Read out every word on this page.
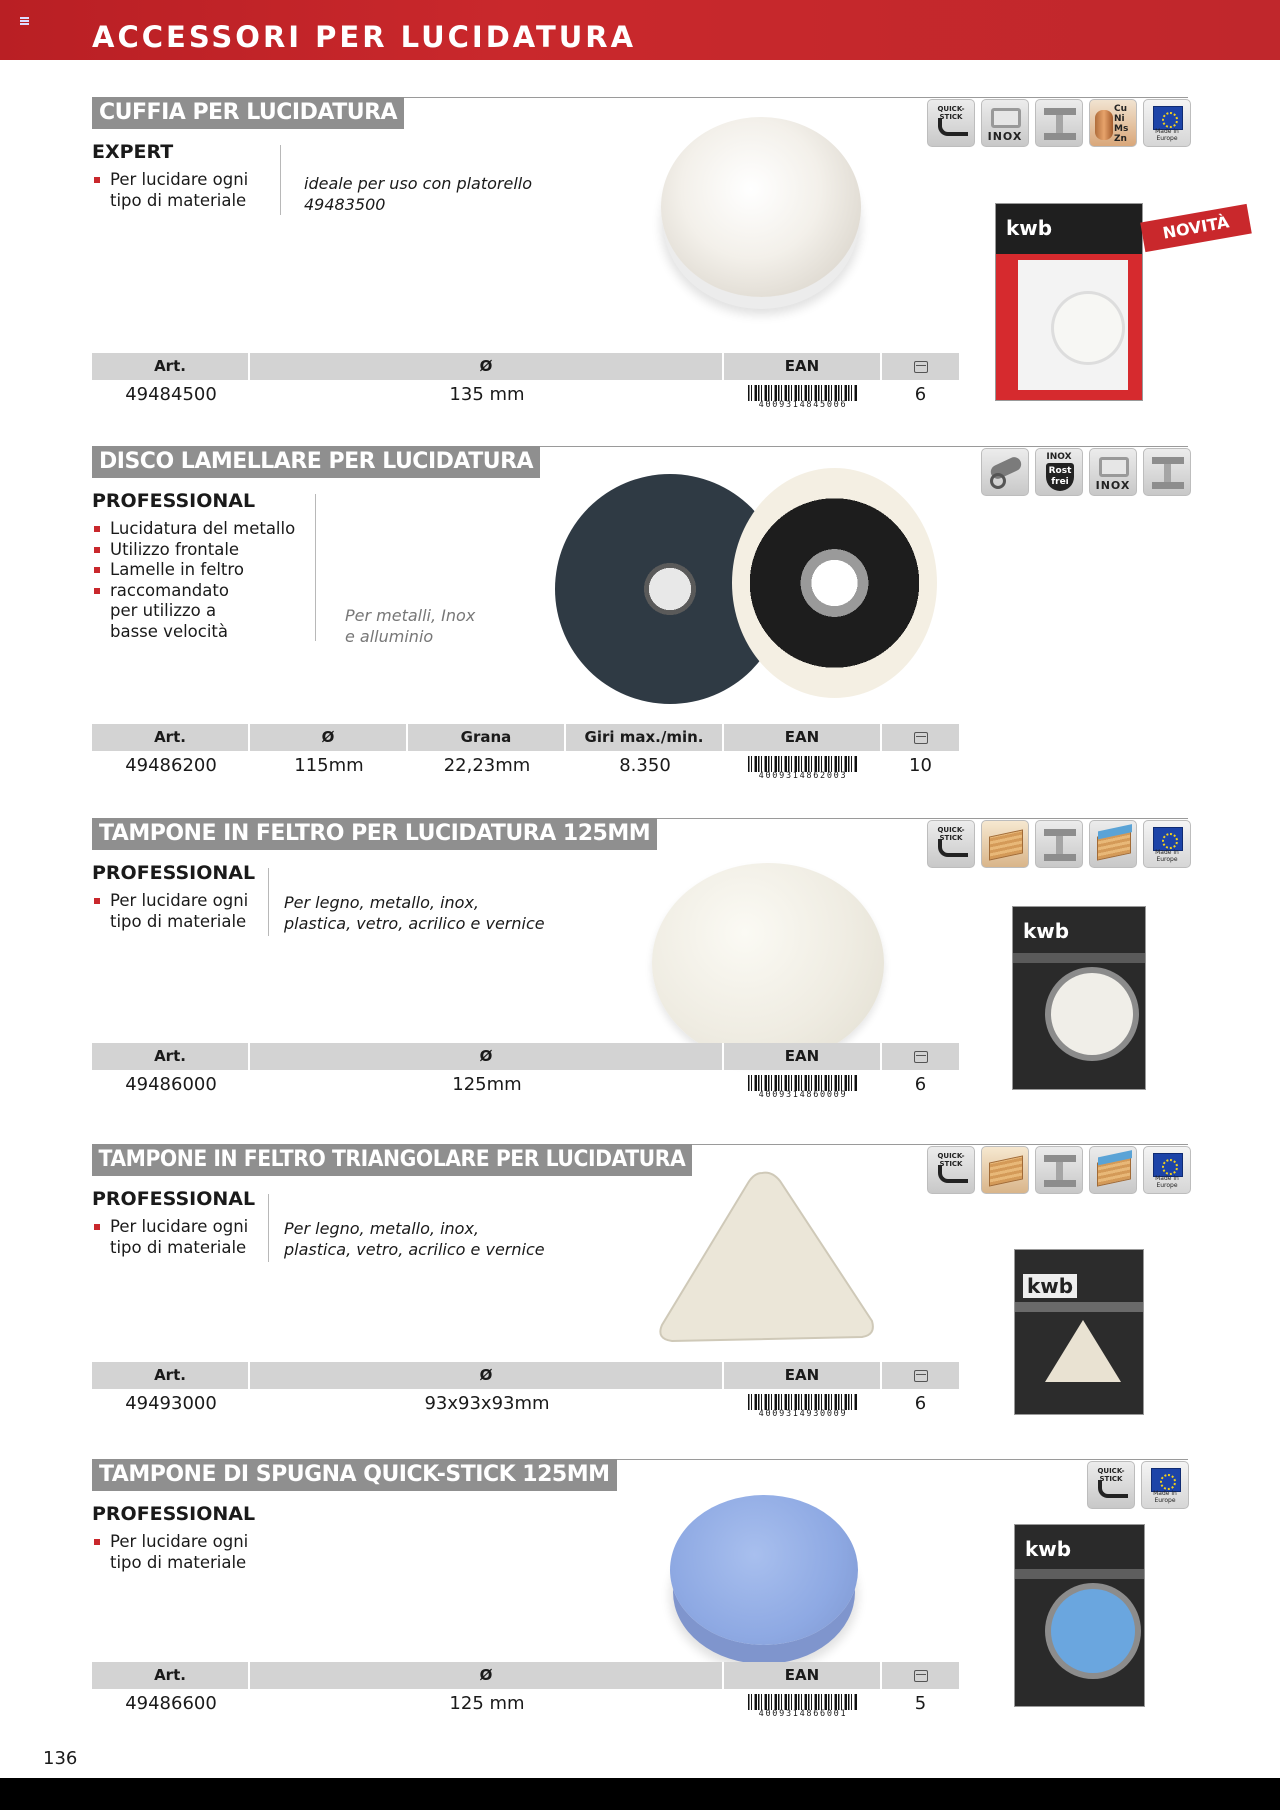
ACCESSORI PER LUCIDATURA
CUFFIA PER LUCIDATURA
EXPERT
Per lucidare ogni
tipo di materiale
ideale per uso con platorello
49483500
QUICK-STICK
INOX
Cu
Ni
Ms
Zn
Made in Europe
Art.	Ø	EAN
49484500	135 mm	4009314845006	6
kwb	NOVITÀ
DISCO LAMELLARE PER LUCIDATURA
PROFESSIONAL
Lucidatura del metallo
Utilizzo frontale
Lamelle in feltro
raccomandato
per utilizzo a
basse velocità
Per metalli, Inox
e alluminio
INOX
Rost frei	INOX
Art.	Ø	Grana	Giri max./min.	EAN
49486200	115mm	22,23mm	8.350	4009314862003	10
TAMPONE IN FELTRO PER LUCIDATURA 125MM
PROFESSIONAL
Per lucidare ogni
tipo di materiale
Per legno, metallo, inox,
plastica, vetro, acrilico e vernice
QUICK-STICK
Made in Europe
Art.	Ø	EAN
49486000	125mm	4009314860009	6
kwb
TAMPONE IN FELTRO TRIANGOLARE PER LUCIDATURA
PROFESSIONAL
Per lucidare ogni
tipo di materiale
Per legno, metallo, inox,
plastica, vetro, acrilico e vernice
QUICK-STICK
Made in Europe
Art.	Ø	EAN
49493000	93x93x93mm	4009314930009	6
kwb
TAMPONE DI SPUGNA QUICK-STICK 125MM
PROFESSIONAL
Per lucidare ogni
tipo di materiale
QUICK-STICK
Made in Europe
Art.	Ø	EAN
49486600	125 mm	4009314866001	5
kwb
136
